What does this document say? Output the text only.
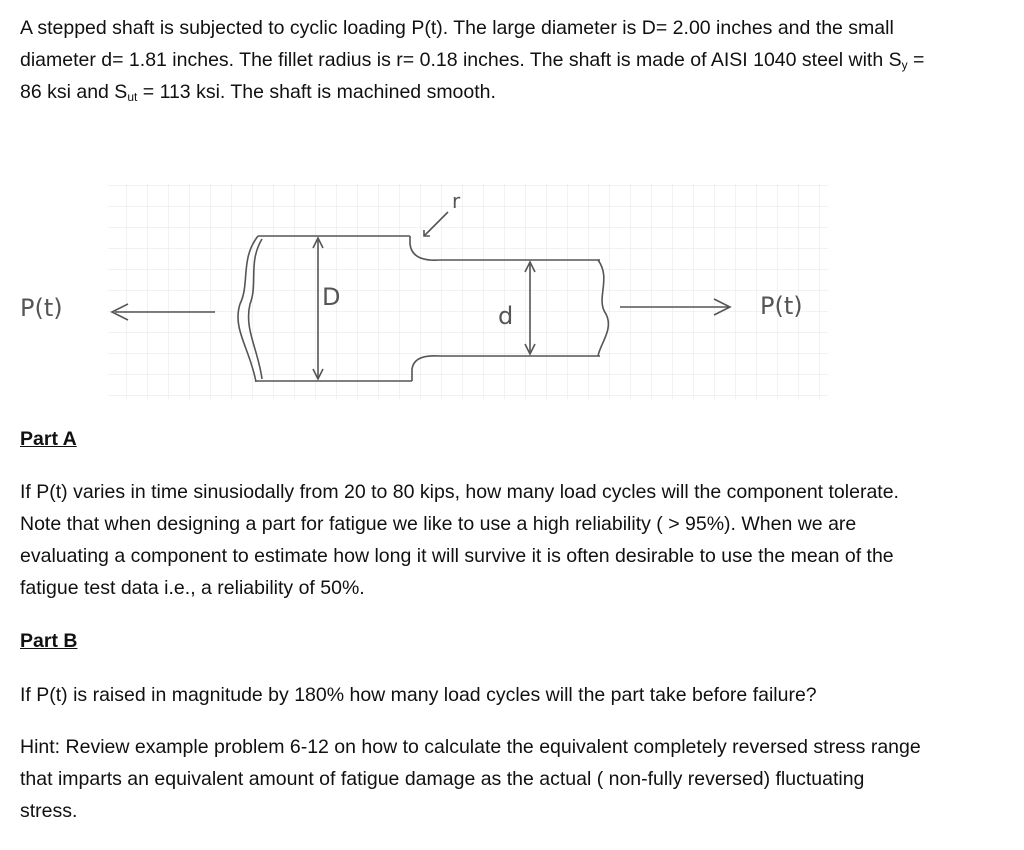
A stepped shaft is subjected to cyclic loading P(t). The large diameter is D= 2.00 inches and the small

diameter d= 1.81 inches. The fillet radius is r= 0.18 inches. The shaft is made of AISI 1040 steel with $S_y$ =

86 ksi and $S_{ut} = 113$ ksi. The shaft is machined smooth.

P(t)	P(t)
D
d
r
Part A

If P(t) varies in time sinusiodally from 20 to 80 kips, how many load cycles will the component tolerate.

Note that when designing a part for fatigue we like to use a high reliability ( > 95%). When we are

evaluating a component to estimate how long it will survive it is often desirable to use the mean of the

fatigue test data i.e., a reliability of 50%.

Part B

If P(t) is raised in magnitude by 180% how many load cycles will the part take before failure?

Hint: Review example problem 6-12 on how to calculate the equivalent completely reversed stress range

that imparts an equivalent amount of fatigue damage as the actual ( non-fully reversed) fluctuating

stress.
